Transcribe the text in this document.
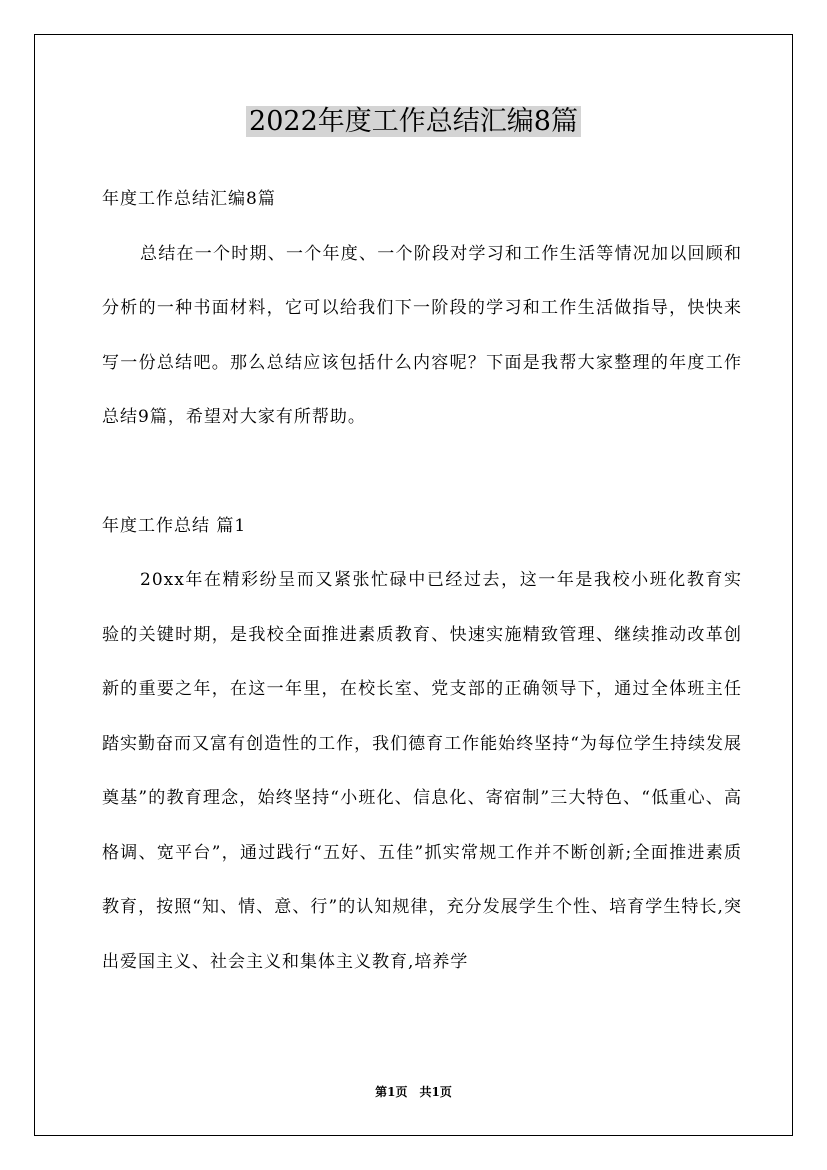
2022年度工作总结汇编8篇

年度工作总结汇编8篇

总结在一个时期、一个年度、一个阶段对学习和工作生活等情况加以回顾和分析的一种书面材料，它可以给我们下一阶段的学习和工作生活做指导，快快来写一份总结吧。那么总结应该包括什么内容呢？下面是我帮大家整理的年度工作总结9篇，希望对大家有所帮助。

年度工作总结 篇1

20xx年在精彩纷呈而又紧张忙碌中已经过去，这一年是我校小班化教育实验的关键时期，是我校全面推进素质教育、快速实施精致管理、继续推动改革创新的重要之年，在这一年里，在校长室、党支部的正确领导下，通过全体班主任踏实勤奋而又富有创造性的工作，我们德育工作能始终坚持“为每位学生持续发展奠基”的教育理念，始终坚持“小班化、信息化、寄宿制”三大特色、“低重心、高格调、宽平台”，通过践行“五好、五佳”抓实常规工作并不断创新;全面推进素质教育，按照“知、情、意、行”的认知规律，充分发展学生个性、培育学生特长,突出爱国主义、社会主义和集体主义教育,培养学

第1页　共1页
